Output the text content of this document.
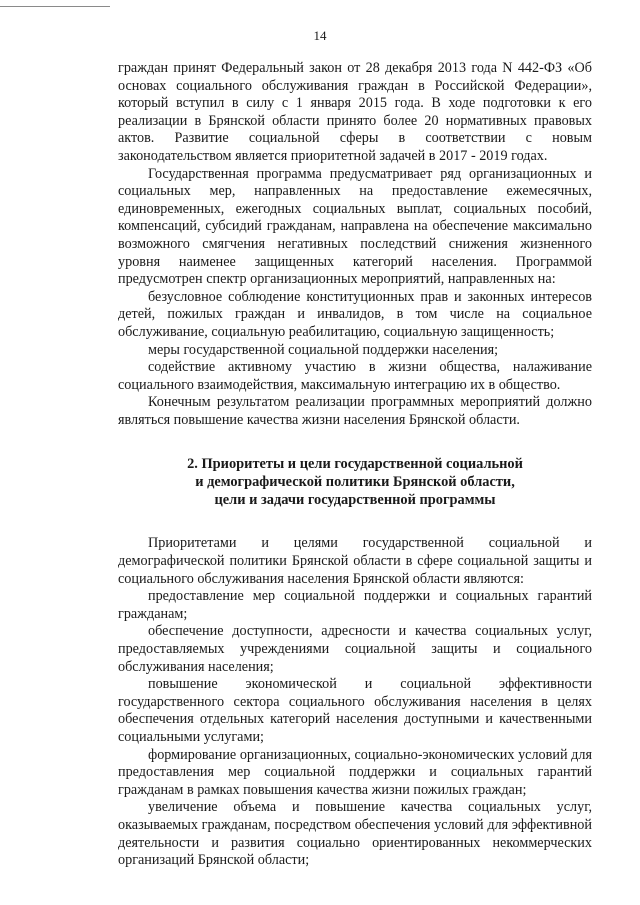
14

граждан принят Федеральный закон от 28 декабря 2013 года N 442-ФЗ «Об основах социального обслуживания граждан в Российской Федерации», который вступил в силу с 1 января 2015 года. В ходе подготовки к его реализации в Брянской области принято более 20 нормативных правовых актов. Развитие социальной сферы в соответствии с новым законодательством является приоритетной задачей в 2017 - 2019 годах.

Государственная программа предусматривает ряд организационных и социальных мер, направленных на предоставление ежемесячных, единовременных, ежегодных социальных выплат, социальных пособий, компенсаций, субсидий гражданам, направлена на обеспечение максимально возможного смягчения негативных последствий снижения жизненного уровня наименее защищенных категорий населения. Программой предусмотрен спектр организационных мероприятий, направленных на:

безусловное соблюдение конституционных прав и законных интересов детей, пожилых граждан и инвалидов, в том числе на социальное обслуживание, социальную реабилитацию, социальную защищенность;

меры государственной социальной поддержки населения;

содействие активному участию в жизни общества, налаживание социального взаимодействия, максимальную интеграцию их в общество.

Конечным результатом реализации программных мероприятий должно являться повышение качества жизни населения Брянской области.

2. Приоритеты и цели государственной социальной
и демографической политики Брянской области,
цели и задачи государственной программы

Приоритетами и целями государственной социальной и демографической политики Брянской области в сфере социальной защиты и социального обслуживания населения Брянской области являются:

предоставление мер социальной поддержки и социальных гарантий гражданам;

обеспечение доступности, адресности и качества социальных услуг, предоставляемых учреждениями социальной защиты и социального обслуживания населения;

повышение экономической и социальной эффективности государственного сектора социального обслуживания населения в целях обеспечения отдельных категорий населения доступными и качественными социальными услугами;

формирование организационных, социально-экономических условий для предоставления мер социальной поддержки и социальных гарантий гражданам в рамках повышения качества жизни пожилых граждан;

увеличение объема и повышение качества социальных услуг, оказываемых гражданам, посредством обеспечения условий для эффективной деятельности и развития социально ориентированных некоммерческих организаций Брянской области;
